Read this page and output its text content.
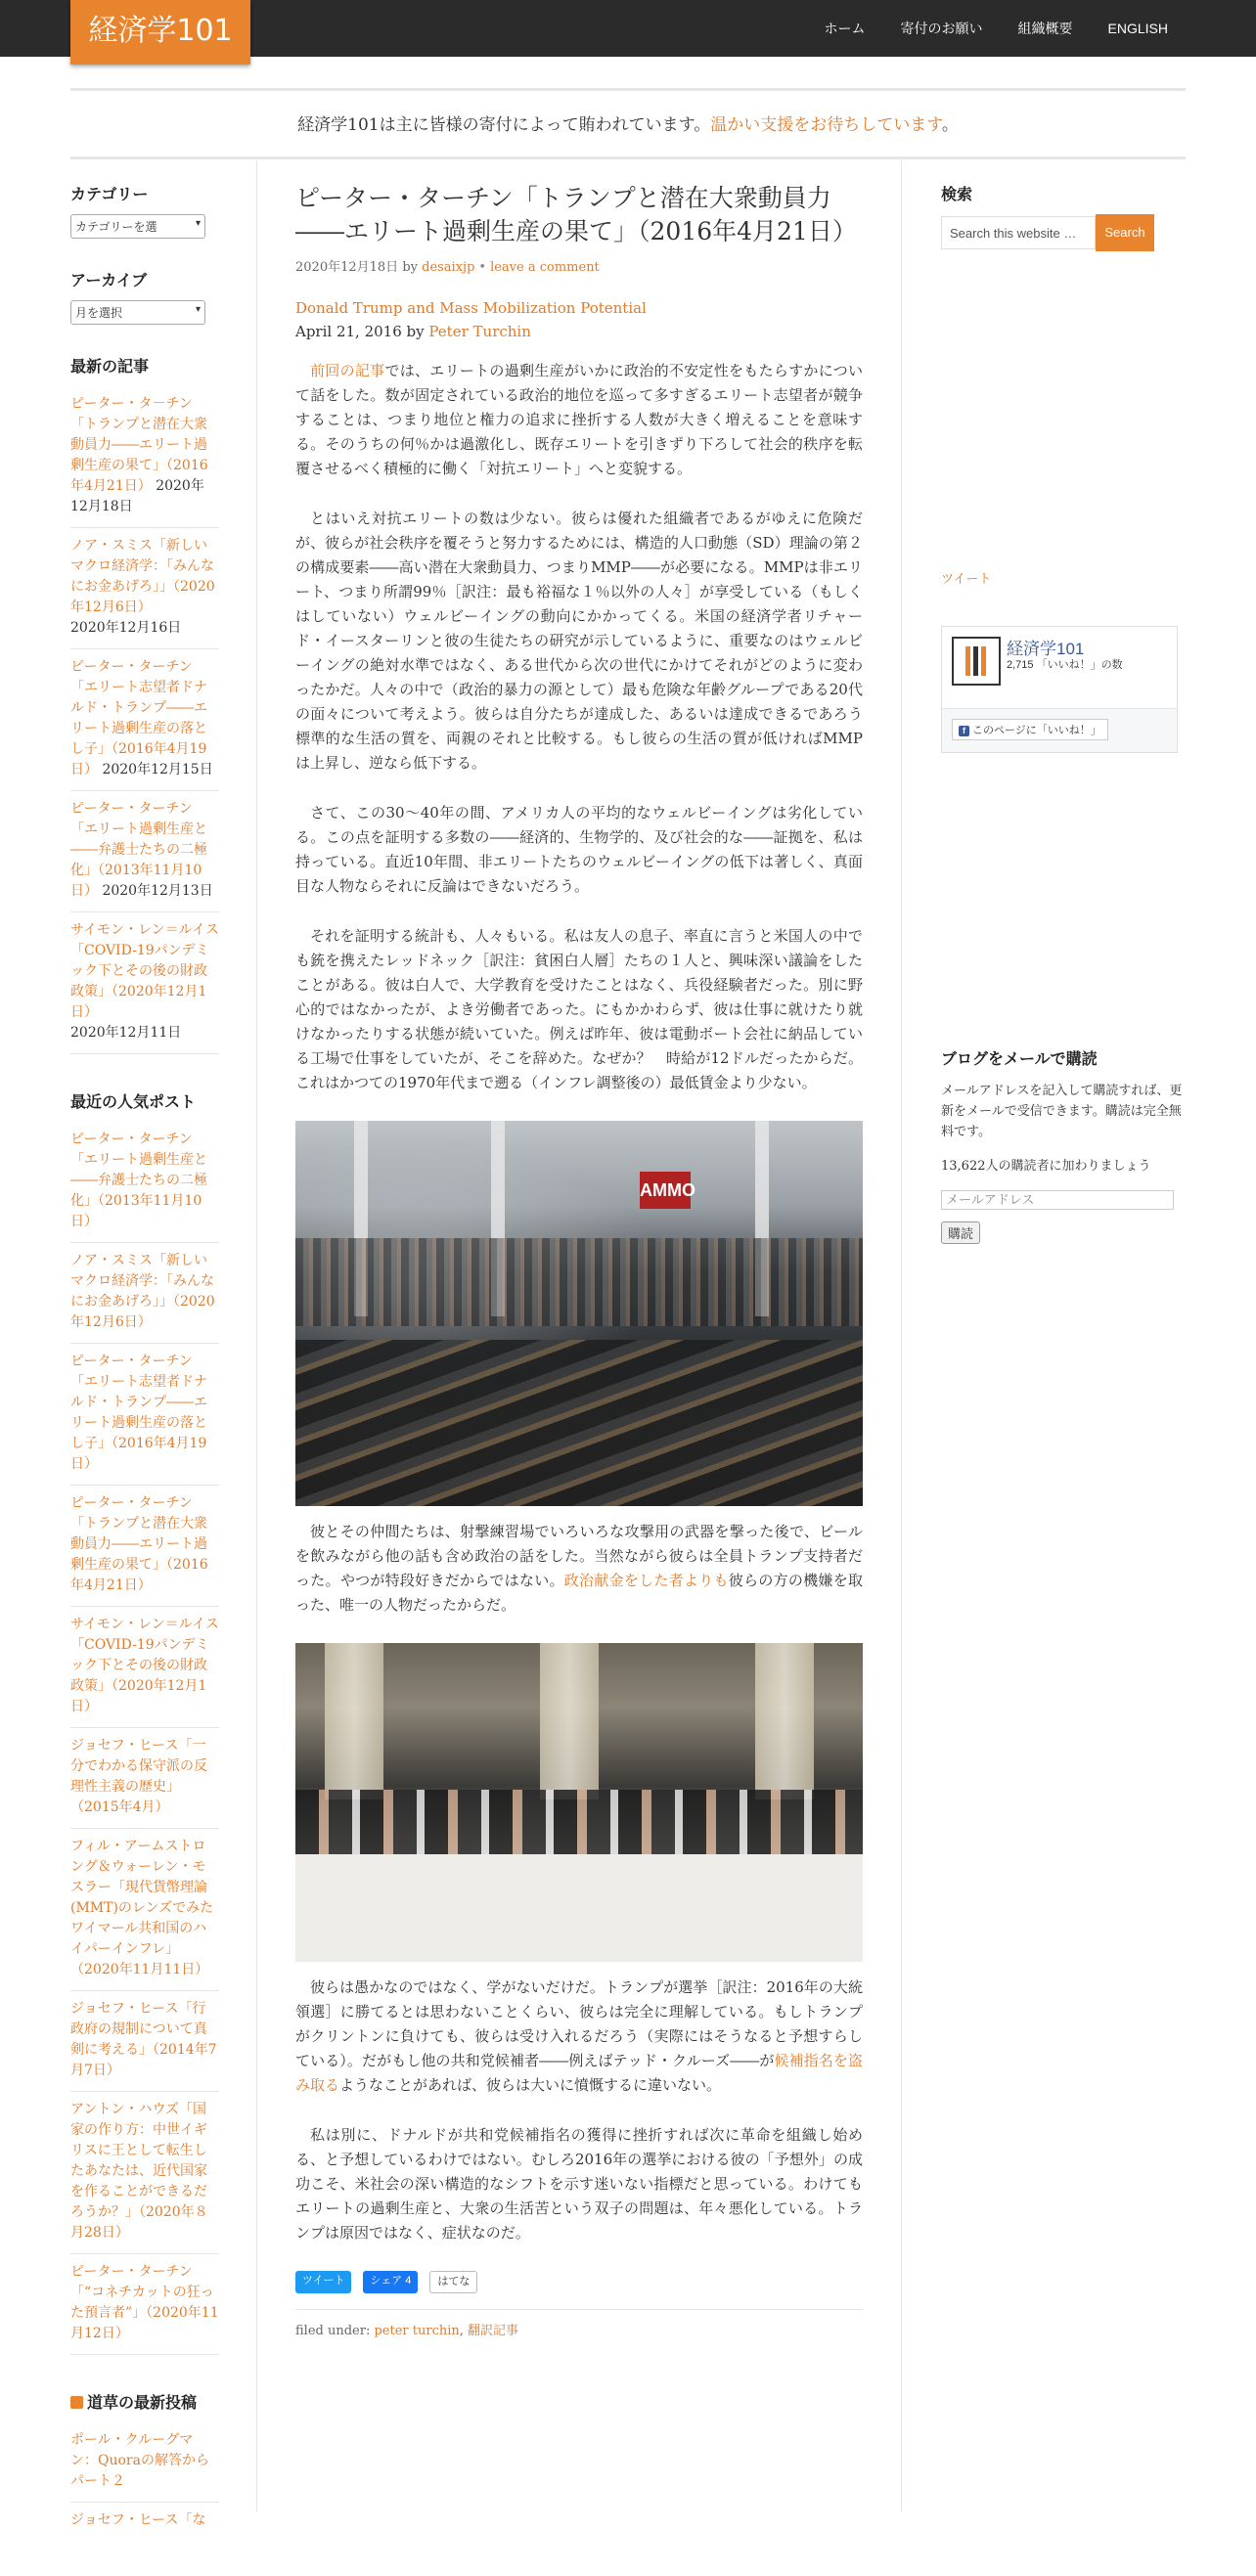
経済学101	ホーム	寄付のお願い	組織概要	ENGLISH
経済学101は主に皆様の寄付によって賄われています。温かい支援をお待ちしています。
カテゴリー
カテゴリーを選	▾
アーカイブ
月を選択	▾
最新の記事
ピーター・タ－チン「トランプと潜在大衆動員力――エリート過剰生産の果て」（2016年4月21日） 2020年12月18日
ノア・スミス「新しいマクロ経済学：「みんなにお金あげろ」」（2020年12月6日）
2020年12月16日
ピーター・ターチン「エリート志望者ドナルド・トランプ――エリート過剰生産の落とし子」（2016年4月19日） 2020年12月15日
ピーター・ターチン「エリート過剰生産と――弁護士たちの二極化」（2013年11月10日） 2020年12月13日
サイモン・レン＝ルイス「COVID-19パンデミック下とその後の財政政策」（2020年12月1日）
2020年12月11日
最近の人気ポスト
ピーター・ターチン「エリート過剰生産と――弁護士たちの二極化」（2013年11月10日）
ノア・スミス「新しいマクロ経済学：「みんなにお金あげろ」」（2020年12月6日）
ピーター・ターチン「エリート志望者ドナルド・トランプ――エリート過剰生産の落とし子」（2016年4月19日）
ピーター・ターチン「トランプと潜在大衆動員力――エリート過剰生産の果て」（2016年4月21日）
サイモン・レン＝ルイス「COVID-19パンデミック下とその後の財政政策」（2020年12月1日）
ジョセフ・ヒース「一分でわかる保守派の反理性主義の歴史」（2015年4月）
フィル・アームストロング＆ウォーレン・モスラー「現代貨幣理論(MMT)のレンズでみたワイマール共和国のハイパーインフレ」（2020年11月11日）
ジョセフ・ヒース「行政府の規制について真剣に考える」（2014年7月7日）
アントン・ハウズ「国家の作り方：中世イギリスに王として転生したあなたは、近代国家を作ることができるだろうか？」（2020年８月28日）
ピーター・ターチン「“コネチカットの狂った預言者”」（2020年11月12日）
道草の最新投稿
ポール・クルーグマン：Quoraの解答からパート２
ジョセフ・ヒース「な
ピーター・ターチン「トランプと潜在大衆動員力――エリート過剰生産の果て」（2016年4月21日）
2020年12月18日 by desaixjp • leave a comment
Donald Trump and Mass Mobilization Potential
April 21, 2016 by Peter Turchin

前回の記事では、エリートの過剰生産がいかに政治的不安定性をもたらすかについて話をした。数が固定されている政治的地位を巡って多すぎるエリート志望者が競争することは、つまり地位と権力の追求に挫折する人数が大きく増えることを意味する。そのうちの何％かは過激化し、既存エリートを引きずり下ろして社会的秩序を転覆させるべく積極的に働く「対抗エリート」へと変貌する。

とはいえ対抗エリートの数は少ない。彼らは優れた組織者であるがゆえに危険だが、彼らが社会秩序を覆そうと努力するためには、構造的人口動態（SD）理論の第２の構成要素――高い潜在大衆動員力、つまりMMP――が必要になる。MMPは非エリート、つまり所謂99％［訳注：最も裕福な１％以外の人々］が享受している（もしくはしていない）ウェルビーイングの動向にかかってくる。米国の経済学者リチャード・イースターリンと彼の生徒たちの研究が示しているように、重要なのはウェルビーイングの絶対水準ではなく、ある世代から次の世代にかけてそれがどのように変わったかだ。人々の中で（政治的暴力の源として）最も危険な年齢グループである20代の面々について考えよう。彼らは自分たちが達成した、あるいは達成できるであろう標準的な生活の質を、両親のそれと比較する。もし彼らの生活の質が低ければMMPは上昇し、逆なら低下する。

さて、この30～40年の間、アメリカ人の平均的なウェルビーイングは劣化している。この点を証明する多数の――経済的、生物学的、及び社会的な――証拠を、私は持っている。直近10年間、非エリートたちのウェルビーイングの低下は著しく、真面目な人物ならそれに反論はできないだろう。

それを証明する統計も、人々もいる。私は友人の息子、率直に言うと米国人の中でも銃を携えたレッドネック［訳注：貧困白人層］たちの１人と、興味深い議論をしたことがある。彼は白人で、大学教育を受けたことはなく、兵役経験者だった。別に野心的ではなかったが、よき労働者であった。にもかかわらず、彼は仕事に就けたり就けなかったりする状態が続いていた。例えば昨年、彼は電動ボート会社に納品している工場で仕事をしていたが、そこを辞めた。なぜか？　時給が12ドルだったからだ。これはかつての1970年代まで遡る（インフレ調整後の）最低賃金より少ない。

AMMO

彼とその仲間たちは、射撃練習場でいろいろな攻撃用の武器を撃った後で、ビールを飲みながら他の話も含め政治の話をした。当然ながら彼らは全員トランプ支持者だった。やつが特段好きだからではない。政治献金をした者よりも彼らの方の機嫌を取った、唯一の人物だったからだ。

彼らは愚かなのではなく、学がないだけだ。トランプが選挙［訳注：2016年の大統領選］に勝てるとは思わないことくらい、彼らは完全に理解している。もしトランプがクリントンに負けても、彼らは受け入れるだろう（実際にはそうなると予想すらしている）。だがもし他の共和党候補者――例えばテッド・クルーズ――が候補指名を盗み取るようなことがあれば、彼らは大いに憤慨するに違いない。

私は別に、ドナルドが共和党候補指名の獲得に挫折すれば次に革命を組織し始める、と予想しているわけではない。むしろ2016年の選挙における彼の「予想外」の成功こそ、米社会の深い構造的なシフトを示す迷いない指標だと思っている。わけてもエリートの過剰生産と、大衆の生活苦という双子の問題は、年々悪化している。トランプは原因ではなく、症状なのだ。

ツイート	シェア 4	はてな
filed under: peter turchin, 翻訳記事
検索
Search this website …	Search
ツイート
経済学101
2,715 「いいね！」の数
f このページに「いいね！」
ブログをメールで購読

メールアドレスを記入して購読すれば、更新をメールで受信できます。購読は完全無料です。

13,622人の購読者に加わりましょう

メールアドレス
購読
